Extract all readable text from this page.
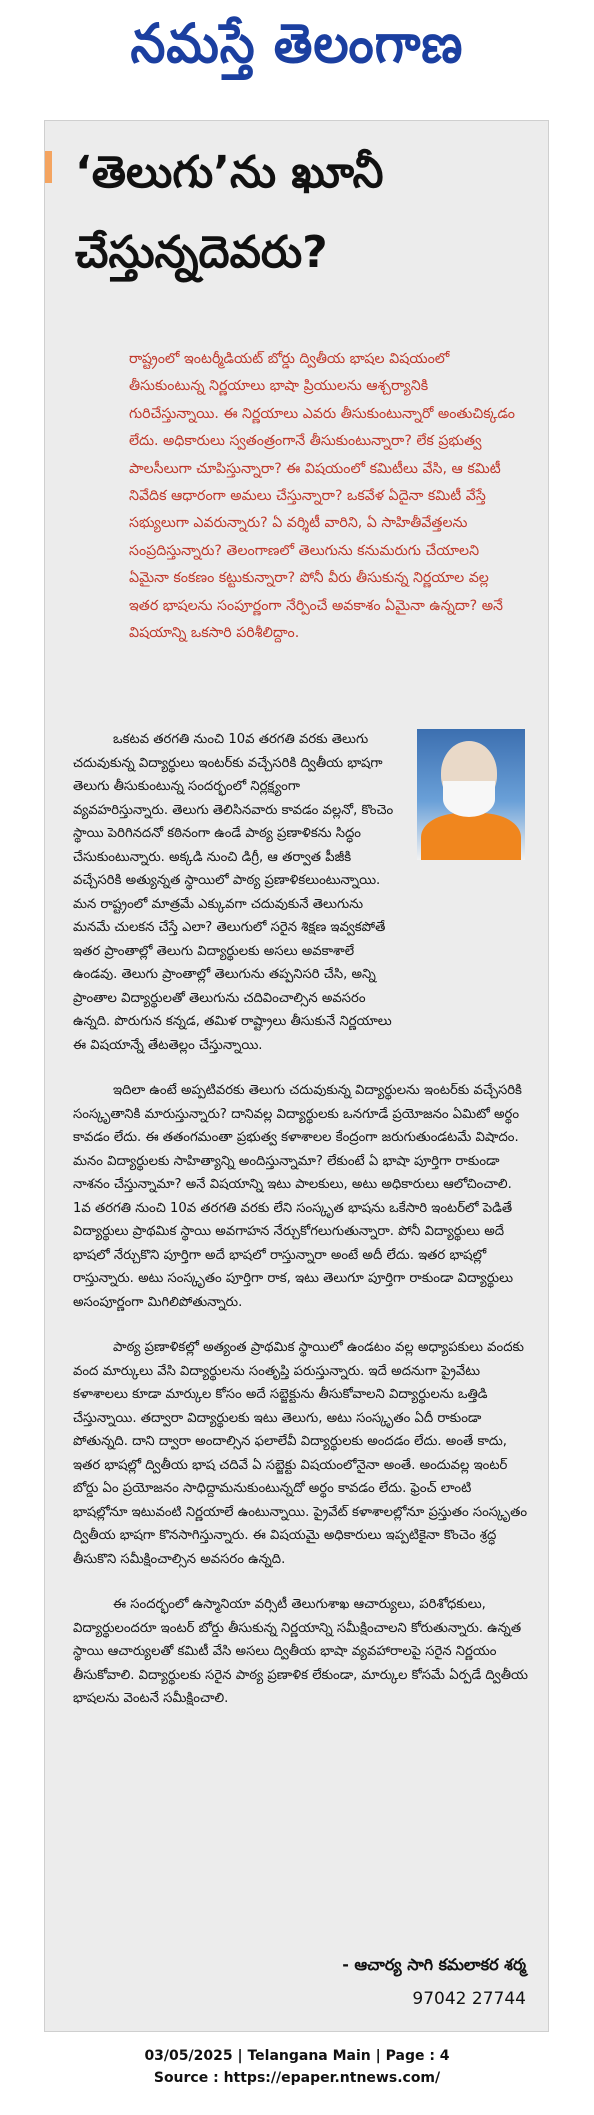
నమస్తే తెలంగాణ
‘తెలుగు’ను ఖూనీ చేస్తున్నదెవరు?

రాష్ట్రంలో ఇంటర్మీడియట్ బోర్డు ద్వితీయ భాషల విషయంలో తీసుకుంటున్న నిర్ణయాలు భాషా ప్రియులను ఆశ్చర్యానికి గురిచేస్తున్నాయి. ఈ నిర్ణయాలు ఎవరు తీసుకుంటున్నారో అంతుచిక్కడం లేదు. అధికారులు స్వతంత్రంగానే తీసుకుంటున్నారా? లేక ప్రభుత్వ పాలసీలుగా చూపిస్తున్నారా? ఈ విషయంలో కమిటీలు వేసి, ఆ కమిటీ నివేదిక ఆధారంగా అమలు చేస్తున్నారా? ఒకవేళ ఏదైనా కమిటీ వేస్తే సభ్యులుగా ఎవరున్నారు? ఏ వర్శిటీ వారిని, ఏ సాహితీవేత్తలను సంప్రదిస్తున్నారు? తెలంగాణలో తెలుగును కనుమరుగు చేయాలని ఏమైనా కంకణం కట్టుకున్నారా? పోనీ వీరు తీసుకున్న నిర్ణయాల వల్ల ఇతర భాషలను సంపూర్ణంగా నేర్పించే అవకాశం ఏమైనా ఉన్నదా? అనే విషయాన్ని ఒకసారి పరిశీలిద్దాం.

ఒకటవ తరగతి నుంచి 10వ తరగతి వరకు తెలుగు చదువుకున్న విద్యార్థులు ఇంటర్‌కు వచ్చేసరికి ద్వితీయ భాషగా తెలుగు తీసుకుంటున్న సందర్భంలో నిర్లక్ష్యంగా వ్యవహరిస్తున్నారు. తెలుగు తెలిసినవారు కావడం వల్లనో, కొంచెం స్థాయి పెరిగినదనో కఠినంగా ఉండే పాఠ్య ప్రణాళికను సిద్ధం చేసుకుంటున్నారు. అక్కడి నుంచి డిగ్రీ, ఆ తర్వాత పీజీకి వచ్చేసరికి అత్యున్నత స్థాయిలో పాఠ్య ప్రణాళికలుంటున్నాయి. మన రాష్ట్రంలో మాత్రమే ఎక్కువగా చదువుకునే తెలుగును మనమే చులకన చేస్తే ఎలా? తెలుగులో సరైన శిక్షణ ఇవ్వకపోతే ఇతర ప్రాంతాల్లో తెలుగు విద్యార్థులకు అసలు అవకాశాలే ఉండవు. తెలుగు ప్రాంతాల్లో తెలుగును తప్పనిసరి చేసి, అన్ని ప్రాంతాల విద్యార్థులతో తెలుగును చదివించాల్సిన అవసరం ఉన్నది. పొరుగున కన్నడ, తమిళ రాష్ట్రాలు తీసుకునే నిర్ణయాలు ఈ విషయాన్నే తేటతెల్లం చేస్తున్నాయి.

ఇదిలా ఉంటే అప్పటివరకు తెలుగు చదువుకున్న విద్యార్థులను ఇంటర్‌కు వచ్చేసరికి సంస్కృతానికి మారుస్తున్నారు? దానివల్ల విద్యార్థులకు ఒనగూడే ప్రయోజనం ఏమిటో అర్థం కావడం లేదు. ఈ తతంగమంతా ప్రభుత్వ కళాశాలల కేంద్రంగా జరుగుతుండటమే విషాదం. మనం విద్యార్థులకు సాహిత్యాన్ని అందిస్తున్నామా? లేకుంటే ఏ భాషా పూర్తిగా రాకుండా నాశనం చేస్తున్నామా? అనే విషయాన్ని ఇటు పాలకులు, అటు అధికారులు ఆలోచించాలి. 1వ తరగతి నుంచి 10వ తరగతి వరకు లేని సంస్కృత భాషను ఒకేసారి ఇంటర్‌లో పెడితే విద్యార్థులు ప్రాథమిక స్థాయి అవగాహన నేర్చుకోగలుగుతున్నారా. పోనీ విద్యార్థులు అదే భాషలో నేర్చుకొని పూర్తిగా అదే భాషలో రాస్తున్నారా అంటే అదీ లేదు. ఇతర భాషల్లో రాస్తున్నారు. అటు సంస్కృతం పూర్తిగా రాక, ఇటు తెలుగూ పూర్తిగా రాకుండా విద్యార్థులు అసంపూర్ణంగా మిగిలిపోతున్నారు.

పాఠ్య ప్రణాళికల్లో అత్యంత ప్రాథమిక స్థాయిలో ఉండటం వల్ల అధ్యాపకులు వందకు వంద మార్కులు వేసి విద్యార్థులను సంతృప్తి పరుస్తున్నారు. ఇదే అదనుగా ప్రైవేటు కళాశాలలు కూడా మార్కుల కోసం అదే సబ్జెక్టును తీసుకోవాలని విద్యార్థులను ఒత్తిడి చేస్తున్నాయి. తద్వారా విద్యార్థులకు ఇటు తెలుగు, అటు సంస్కృతం ఏదీ రాకుండా పోతున్నది. దాని ద్వారా అందాల్సిన ఫలాలేవీ విద్యార్థులకు అందడం లేదు. అంతే కాదు, ఇతర భాషల్లో ద్వితీయ భాష చదివే ఏ సబ్జెక్టు విషయంలోనైనా అంతే. అందువల్ల ఇంటర్ బోర్డు ఏం ప్రయోజనం సాధిద్దామనుకుంటున్నదో అర్థం కావడం లేదు. ఫ్రెంచ్ లాంటి భాషల్లోనూ ఇటువంటి నిర్ణయాలే ఉంటున్నాయి. ప్రైవేట్ కళాశాలల్లోనూ ప్రస్తుతం సంస్కృతం ద్వితీయ భాషగా కొనసాగిస్తున్నారు. ఈ విషయమై అధికారులు ఇప్పటికైనా కొంచెం శ్రద్ధ తీసుకొని సమీక్షించాల్సిన అవసరం ఉన్నది.

ఈ సందర్భంలో ఉస్మానియా వర్సిటీ తెలుగుశాఖ ఆచార్యులు, పరిశోధకులు, విద్యార్థులందరూ ఇంటర్ బోర్డు తీసుకున్న నిర్ణయాన్ని సమీక్షించాలని కోరుతున్నారు. ఉన్నత స్థాయి ఆచార్యులతో కమిటీ వేసి అసలు ద్వితీయ భాషా వ్యవహారాలపై సరైన నిర్ణయం తీసుకోవాలి. విద్యార్థులకు సరైన పాఠ్య ప్రణాళిక లేకుండా, మార్కుల కోసమే ఏర్పడే ద్వితీయ భాషలను వెంటనే సమీక్షించాలి.

- ఆచార్య సాగి కమలాకర శర్మ
97042 27744
03/05/2025 | Telangana Main | Page : 4
Source : https://epaper.ntnews.com/
